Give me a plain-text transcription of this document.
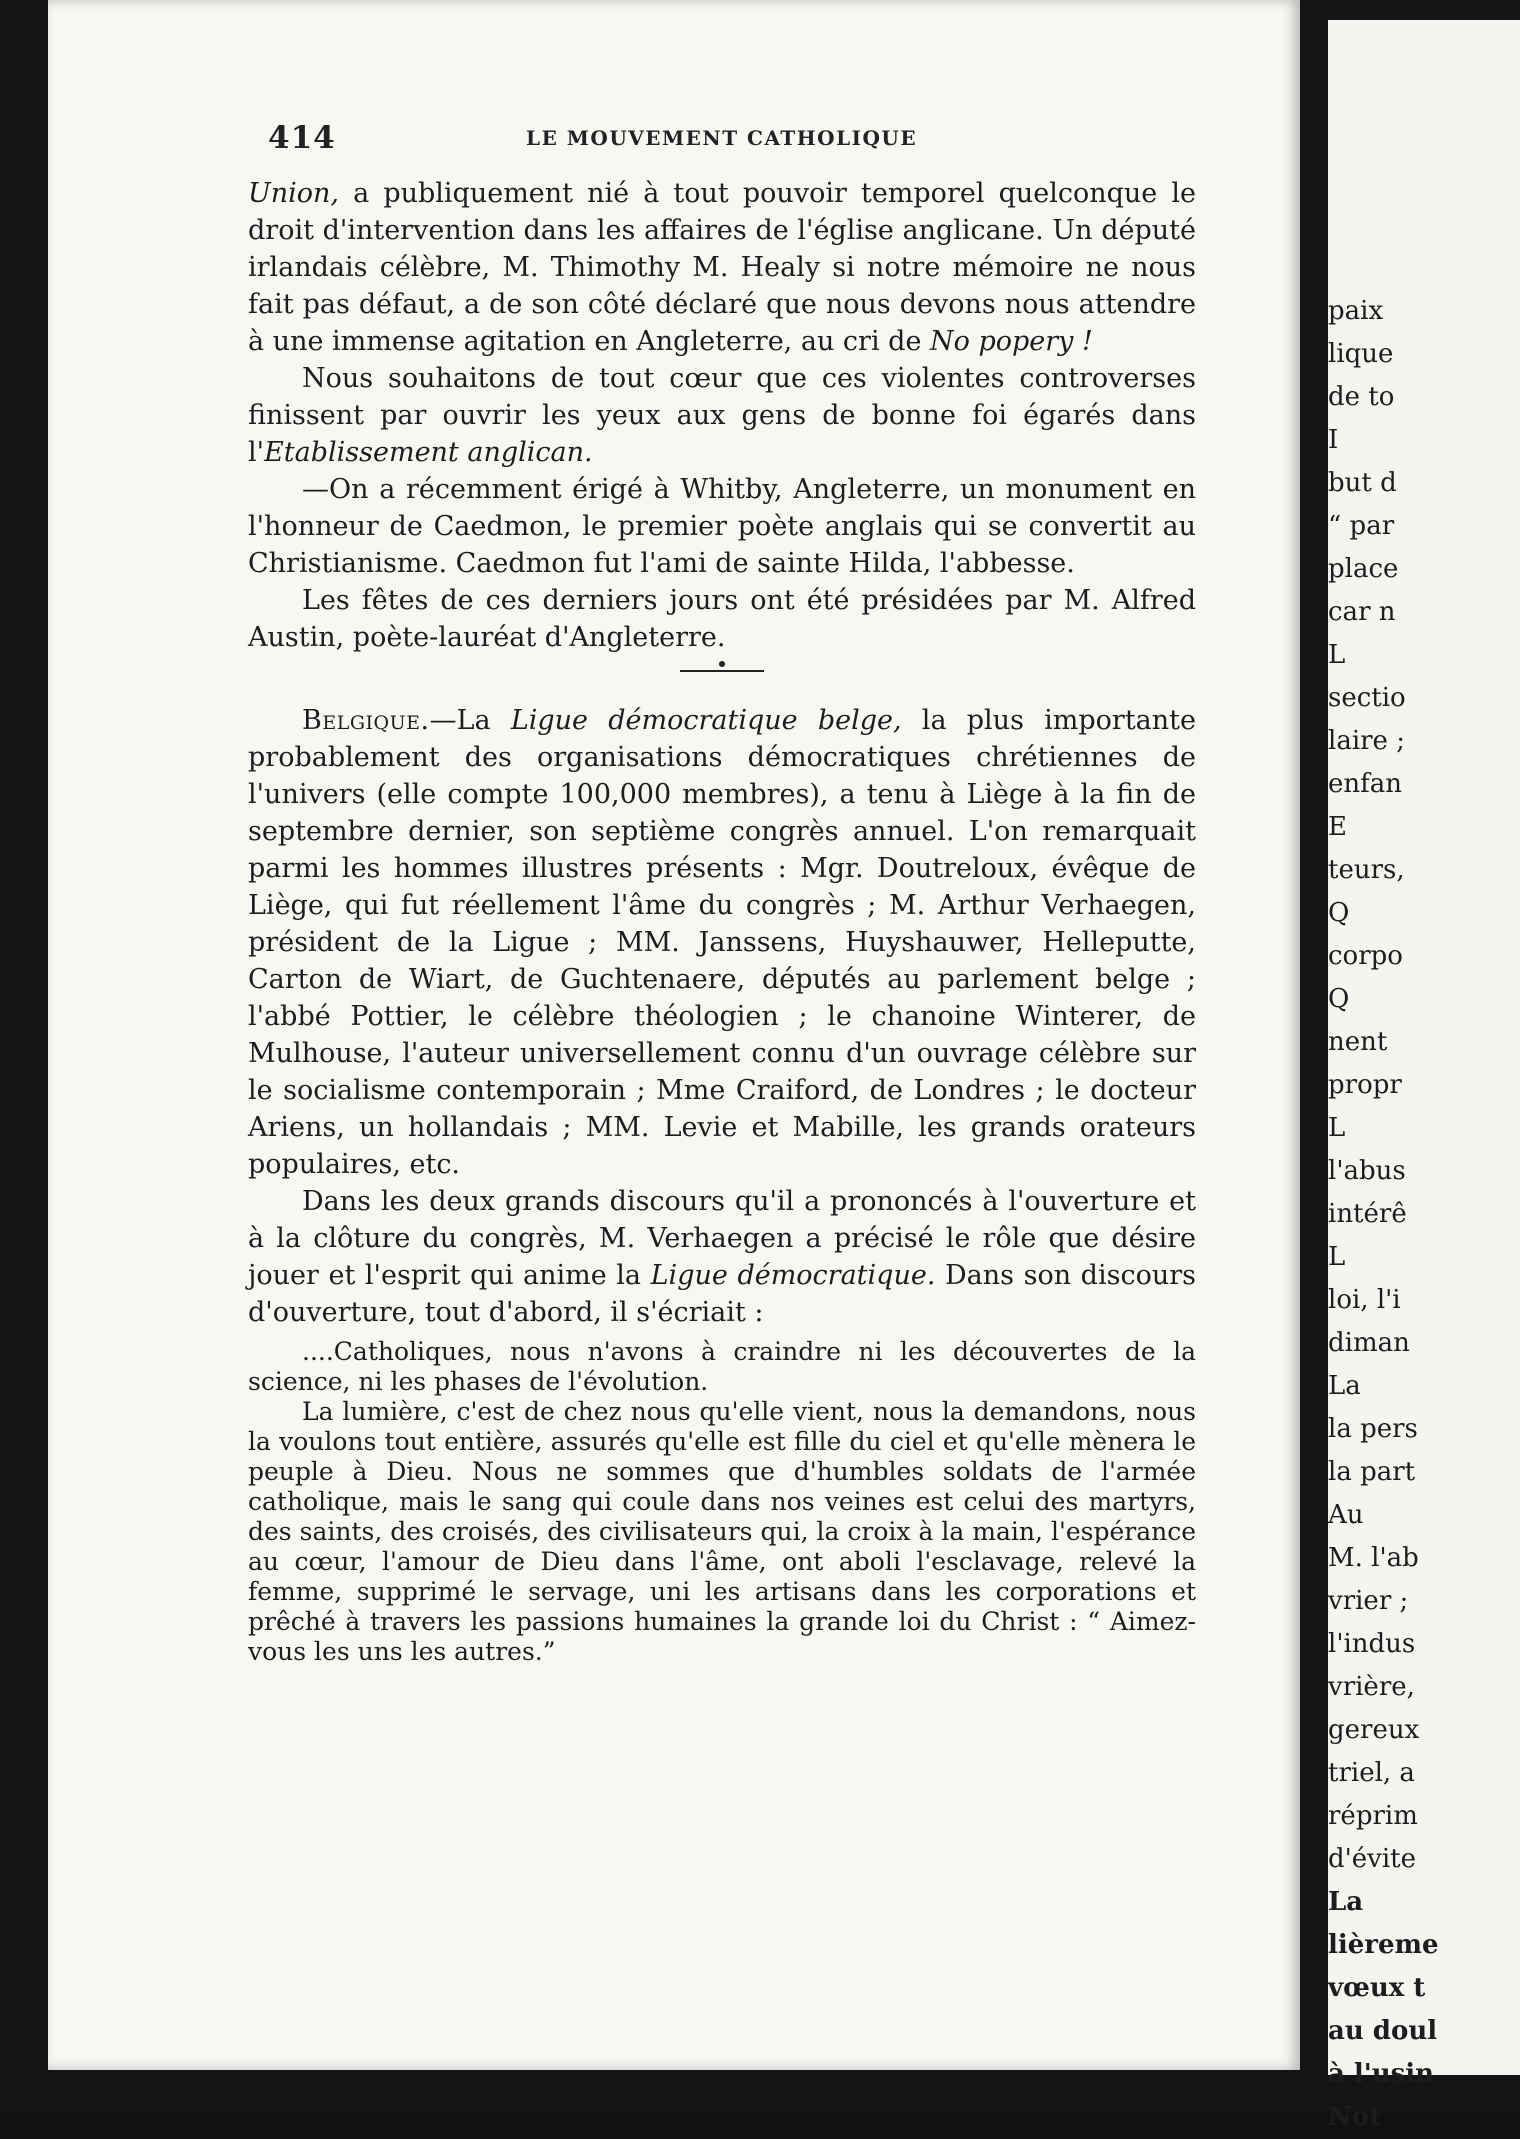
414	LE MOUVEMENT CATHOLIQUE

Union, a publiquement nié à tout pouvoir temporel quelconque le droit d'intervention dans les affaires de l'église anglicane. Un député irlandais célèbre, M. Thimothy M. Healy si notre mémoire ne nous fait pas défaut, a de son côté déclaré que nous devons nous attendre à une immense agitation en Angleterre, au cri de No popery !

Nous souhaitons de tout cœur que ces violentes controverses finissent par ouvrir les yeux aux gens de bonne foi égarés dans l'Etablissement anglican.

—On a récemment érigé à Whitby, Angleterre, un monument en l'honneur de Caedmon, le premier poète anglais qui se convertit au Christianisme. Caedmon fut l'ami de sainte Hilda, l'abbesse.

Les fêtes de ces derniers jours ont été présidées par M. Alfred Austin, poète-lauréat d'Angleterre.

Belgique.—La Ligue démocratique belge, la plus importante probablement des organisations démocratiques chrétiennes de l'univers (elle compte 100,000 membres), a tenu à Liège à la fin de septembre dernier, son septième congrès annuel. L'on remarquait parmi les hommes illustres présents : Mgr. Doutreloux, évêque de Liège, qui fut réellement l'âme du congrès ; M. Arthur Verhaegen, président de la Ligue ; MM. Janssens, Huyshauwer, Helleputte, Carton de Wiart, de Guchtenaere, députés au parlement belge ; l'abbé Pottier, le célèbre théologien ; le chanoine Winterer, de Mulhouse, l'auteur universellement connu d'un ouvrage célèbre sur le socialisme contemporain ; Mme Craiford, de Londres ; le docteur Ariens, un hollandais ; MM. Levie et Mabille, les grands orateurs populaires, etc.

Dans les deux grands discours qu'il a prononcés à l'ouverture et à la clôture du congrès, M. Verhaegen a précisé le rôle que désire jouer et l'esprit qui anime la Ligue démocratique. Dans son discours d'ouverture, tout d'abord, il s'écriait :

....Catholiques, nous n'avons à craindre ni les découvertes de la science, ni les phases de l'évolution.

La lumière, c'est de chez nous qu'elle vient, nous la demandons, nous la voulons tout entière, assurés qu'elle est fille du ciel et qu'elle mènera le peuple à Dieu. Nous ne sommes que d'humbles soldats de l'armée catholique, mais le sang qui coule dans nos veines est celui des martyrs, des saints, des croisés, des civilisateurs qui, la croix à la main, l'espérance au cœur, l'amour de Dieu dans l'âme, ont aboli l'esclavage, relevé la femme, supprimé le servage, uni les artisans dans les corporations et prêché à travers les passions humaines la grande loi du Christ : “ Aimez-vous les uns les autres.”

paix
lique
de to
I
but d
“ par
place
car n
L
sectio
laire ;
enfan
E
teurs,
Q
corpo
Q
nent
propr
L
l'abus
intérê
L
loi, l'i
diman
La
la pers
la part
Au
M. l'ab
vrier ;
l'indus
vrière,
gereux
triel, a
réprim
d'évite
La
lièreme
vœux t
au doul
à l'usin
Not
